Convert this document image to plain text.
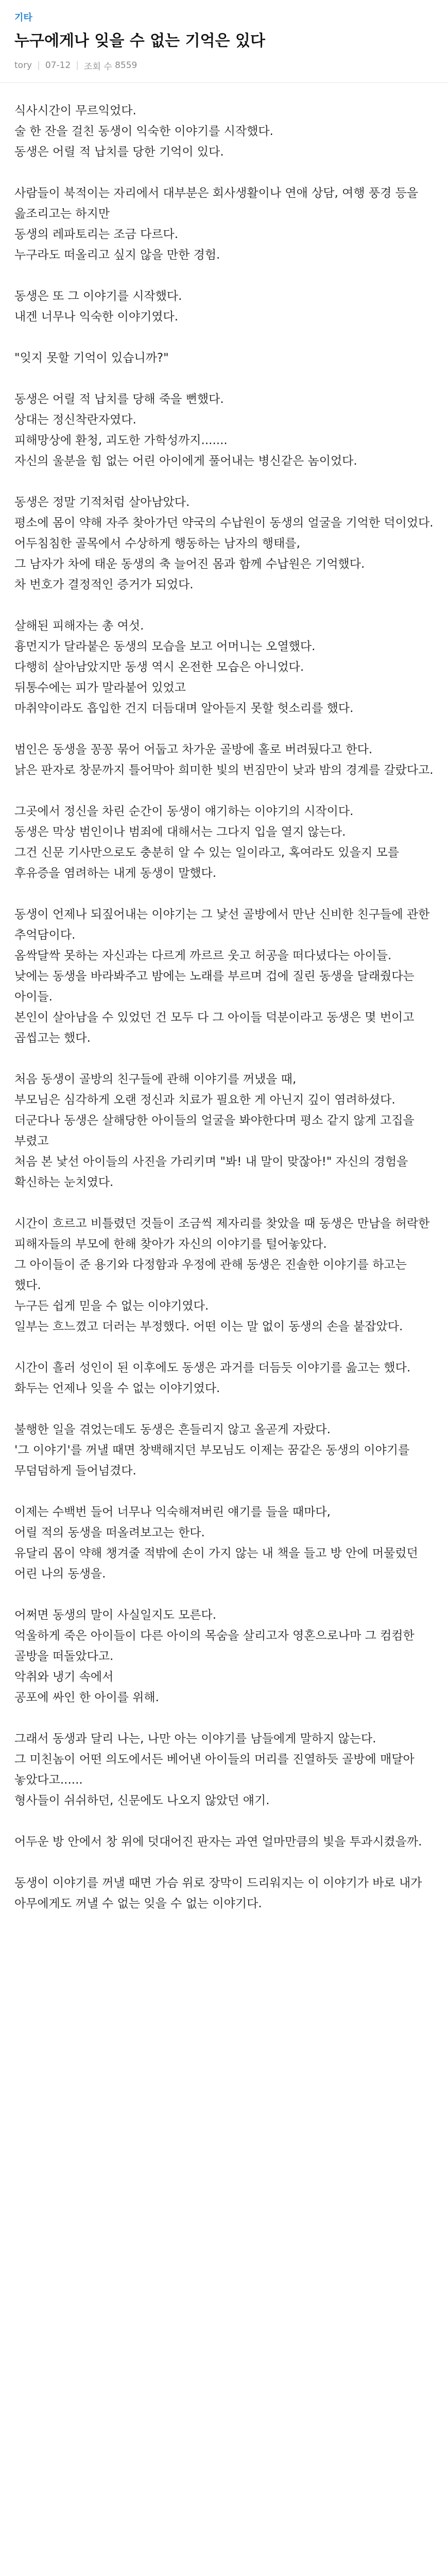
기타
누구에게나 잊을 수 없는 기억은 있다
tory | 07-12 | 조회 수
8559
식사시간이 무르익었다.
술 한 잔을 걸친 동생이 익숙한 이야기를 시작했다.
동생은 어릴 적 납치를 당한 기억이 있다.
사람들이 북적이는 자리에서 대부분은 회사생활이나 연애 상담, 여행 풍경 등을 읊조리고는 하지만
동생의 레파토리는 조금 다르다.
누구라도 떠올리고 싶지 않을 만한 경험.
동생은 또 그 이야기를 시작했다.
내겐 너무나 익숙한 이야기였다.
"잊지 못할 기억이 있습니까?"
동생은 어릴 적 납치를 당해 죽을 뻔했다.
상대는 정신착란자였다.
피해망상에 환청, 괴도한 가학성까지.......
자신의 울분을 힘 없는 어린 아이에게 풀어내는 병신같은 놈이었다.
동생은 정말 기적처럼 살아남았다.
평소에 몸이 약해 자주 찾아가던 약국의 수납원이 동생의 얼굴을 기억한 덕이었다.
어두침침한 골목에서 수상하게 행동하는 남자의 행태를,
그 남자가 차에 태운 동생의 축 늘어진 몸과 함께 수납원은 기억했다.
차 번호가 결정적인 증거가 되었다.
살해된 피해자는 총 여섯.
흉먼지가 달라붙은 동생의 모습을 보고 어머니는 오열했다.
다행히 살아남았지만 동생 역시 온전한 모습은 아니었다.
뒤통수에는 피가 말라붙어 있었고
마취약이라도 흡입한 건지 더듬대며 알아듣지 못할 헛소리를 했다.
범인은 동생을 꽁꽁 묶어 어둡고 차가운 골방에 홀로 버려뒀다고 한다.
낡은 판자로 창문까지 틀어막아 희미한 빛의 번짐만이 낮과 밤의 경계를 갈랐다고.
그곳에서 정신을 차린 순간이 동생이 얘기하는 이야기의 시작이다.
동생은 막상 범인이나 범죄에 대해서는 그다지 입을 열지 않는다.
그건 신문 기사만으로도 충분히 알 수 있는 일이라고, 혹여라도 있을지 모를 후유증을 염려하는 내게 동생이 말했다.
동생이 언제나 되짚어내는 이야기는 그 낯선 골방에서 만난 신비한 친구들에 관한 추억담이다.
옴싹달싹 못하는 자신과는 다르게 까르르 웃고 허공을 떠다녔다는 아이들.
낮에는 동생을 바라봐주고 밤에는 노래를 부르며 겁에 질린 동생을 달래줬다는 아이들.
본인이 살아남을 수 있었던 건 모두 다 그 아이들 덕분이라고 동생은 몇 번이고 곱씹고는 했다.
처음 동생이 골방의 친구들에 관해 이야기를 꺼냈을 때,
부모님은 심각하게 오랜 정신과 치료가 필요한 게 아닌지 깊이 염려하셨다.
더군다나 동생은 살해당한 아이들의 얼굴을 봐야한다며 평소 같지 않게 고집을 부렸고
처음 본 낯선 아이들의 사진을 가리키며 "봐! 내 말이 맞잖아!" 자신의 경험을 확신하는 눈치였다.
시간이 흐르고 비틀렸던 것들이 조금씩 제자리를 찾았을 때 동생은 만남을 허락한 피해자들의 부모에 한해 찾아가 자신의 이야기를 털어놓았다.
그 아이들이 준 용기와 다정함과 우정에 관해 동생은 진솔한 이야기를 하고는 했다.
누구든 쉽게 믿을 수 없는 이야기였다.
일부는 흐느꼈고 더러는 부정했다. 어떤 이는 말 없이 동생의 손을 붙잡았다.
시간이 흘러 성인이 된 이후에도 동생은 과거를 더듬듯 이야기를 읊고는 했다.
화두는 언제나 잊을 수 없는 이야기였다.
불행한 일을 겪었는데도 동생은 흔들리지 않고 올곧게 자랐다.
'그 이야기'를 꺼낼 때면 창백해지던 부모님도 이제는 꿈같은 동생의 이야기를 무덤덤하게 들어넘겼다.
이제는 수백번 들어 너무나 익숙해져버린 얘기를 들을 때마다,
어릴 적의 동생을 떠올려보고는 한다.
유달리 몸이 약해 챙겨줄 적밖에 손이 가지 않는 내 책을 들고 방 안에 머물렀던 어린 나의 동생을.
어쩌면 동생의 말이 사실일지도 모른다.
억울하게 죽은 아이들이 다른 아이의 목숨을 살리고자 영혼으로나마 그 컴컴한 골방을 떠돌았다고.
악취와 냉기 속에서
공포에 싸인 한 아이를 위해.
그래서 동생과 달리 나는, 나만 아는 이야기를 남들에게 말하지 않는다.
그 미친놈이 어떤 의도에서든 베어낸 아이들의 머리를 진열하듯 골방에 매달아 놓았다고......
형사들이 쉬쉬하던, 신문에도 나오지 않았던 얘기.
어두운 방 안에서 창 위에 덧대어진 판자는 과연 얼마만큼의 빛을 투과시켰을까.
동생이 이야기를 꺼낼 때면 가슴 위로 장막이 드리워지는 이 이야기가 바로 내가 아무에게도 꺼낼 수 없는 잊을 수 없는 이야기다.
